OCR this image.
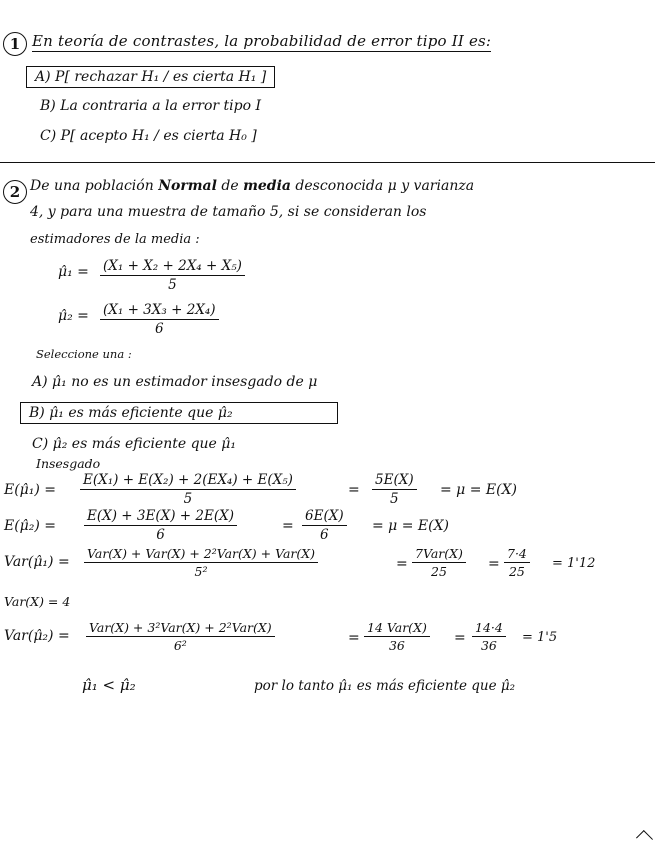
1 En teoría de contrastes, la probabilidad de error tipo II es:
A) P[ rechazar H₁ / es cierta H₁ ]
B) La contraria a la error tipo I
C) P[ acepto H₁ / es cierta H₀ ]
2 De una población Normal de media desconocida μ y varianza
4, y para una muestra de tamaño 5, si se consideran los
estimadores de la media :
μ̂₁ = $\frac{\text{(X₁ + X₂ + 2X₄ + X₅)}}{5}$
μ̂₂ = $\frac{\text{(X₁ + 3X₃ + 2X₄)}}{6}$
Seleccione una :
A) μ̂₁ no es un estimador insesgado de μ
B) μ̂₁ es más eficiente que μ̂₂
C) μ̂₂ es más eficiente que μ̂₁
Insesgado
E(μ̂₁) = $\frac{\text{E(X₁) + E(X₂) + 2(EX₄) + E(X₅)}}{5}$	= $\frac{5E(X)}{5} = \mu = E(X)$
E(μ̂₂) = $\frac{E(X) + 3E(X) + 2E(X)}{6}$	= $\frac{6E(X)}{6} = \mu = E(X)$
Var(μ̂₁) =
Var(X) + Var(X) + 2²Var(X) + Var(X)
5²	=
7Var(X)
25	= $\frac{7\cdot 4}{25} = 1'12$
Var(X) = 4
Var(μ̂₂) =
Var(X) + 3²Var(X) + 2²Var(X)
6²	=
14 Var(X)
36	= $\frac{14\cdot 4}{36} = 1'5$
μ̂₁ < μ̂₂	por lo tanto μ̂₁ es más eficiente que μ̂₂
